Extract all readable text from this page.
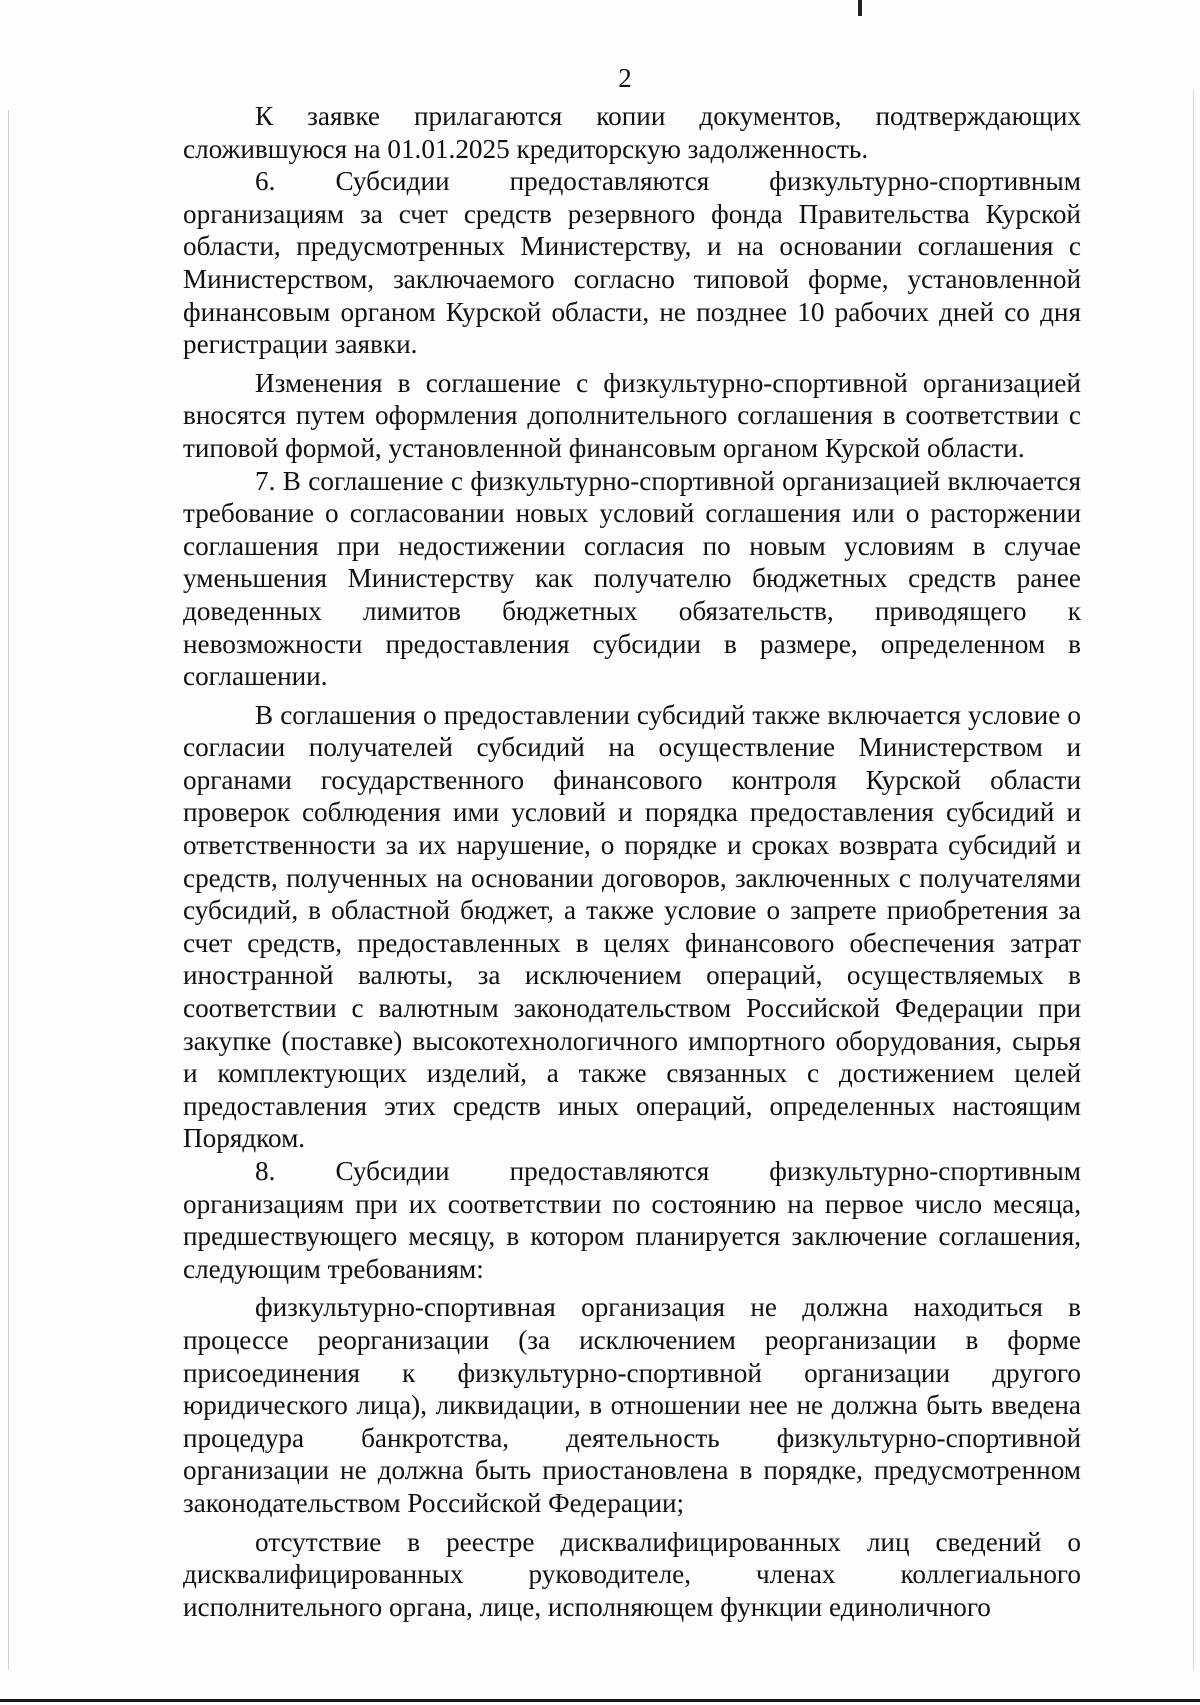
2

К заявке прилагаются копии документов, подтверждающих сложившуюся на 01.01.2025 кредиторскую задолженность.

6. Субсидии предоставляются физкультурно-спортивным организациям за счет средств резервного фонда Правительства Курской области, предусмотренных Министерству, и на основании соглашения с Министерством, заключаемого согласно типовой форме, установленной финансовым органом Курской области, не позднее 10 рабочих дней со дня регистрации заявки.

Изменения в соглашение с физкультурно-спортивной организацией вносятся путем оформления дополнительного соглашения в соответствии с типовой формой, установленной финансовым органом Курской области.

7. В соглашение с физкультурно-спортивной организацией включается требование о согласовании новых условий соглашения или о расторжении соглашения при недостижении согласия по новым условиям в случае уменьшения Министерству как получателю бюджетных средств ранее доведенных лимитов бюджетных обязательств, приводящего к невозможности предоставления субсидии в размере, определенном в соглашении.

В соглашения о предоставлении субсидий также включается условие о согласии получателей субсидий на осуществление Министерством и органами государственного финансового контроля Курской области проверок соблюдения ими условий и порядка предоставления субсидий и ответственности за их нарушение, о порядке и сроках возврата субсидий и средств, полученных на основании договоров, заключенных с получателями субсидий, в областной бюджет, а также условие о запрете приобретения за счет средств, предоставленных в целях финансового обеспечения затрат иностранной валюты, за исключением операций, осуществляемых в соответствии с валютным законодательством Российской Федерации при закупке (поставке) высокотехнологичного импортного оборудования, сырья и комплектующих изделий, а также связанных с достижением целей предоставления этих средств иных операций, определенных настоящим Порядком.

8. Субсидии предоставляются физкультурно-спортивным организациям при их соответствии по состоянию на первое число месяца, предшествующего месяцу, в котором планируется заключение соглашения, следующим требованиям:

физкультурно-спортивная организация не должна находиться в процессе реорганизации (за исключением реорганизации в форме присоединения к физкультурно-спортивной организации другого юридического лица), ликвидации, в отношении нее не должна быть введена процедура банкротства, деятельность физкультурно-спортивной организации не должна быть приостановлена в порядке, предусмотренном законодательством Российской Федерации;

отсутствие в реестре дисквалифицированных лиц сведений о дисквалифицированных руководителе, членах коллегиального исполнительного органа, лице, исполняющем функции единоличного
